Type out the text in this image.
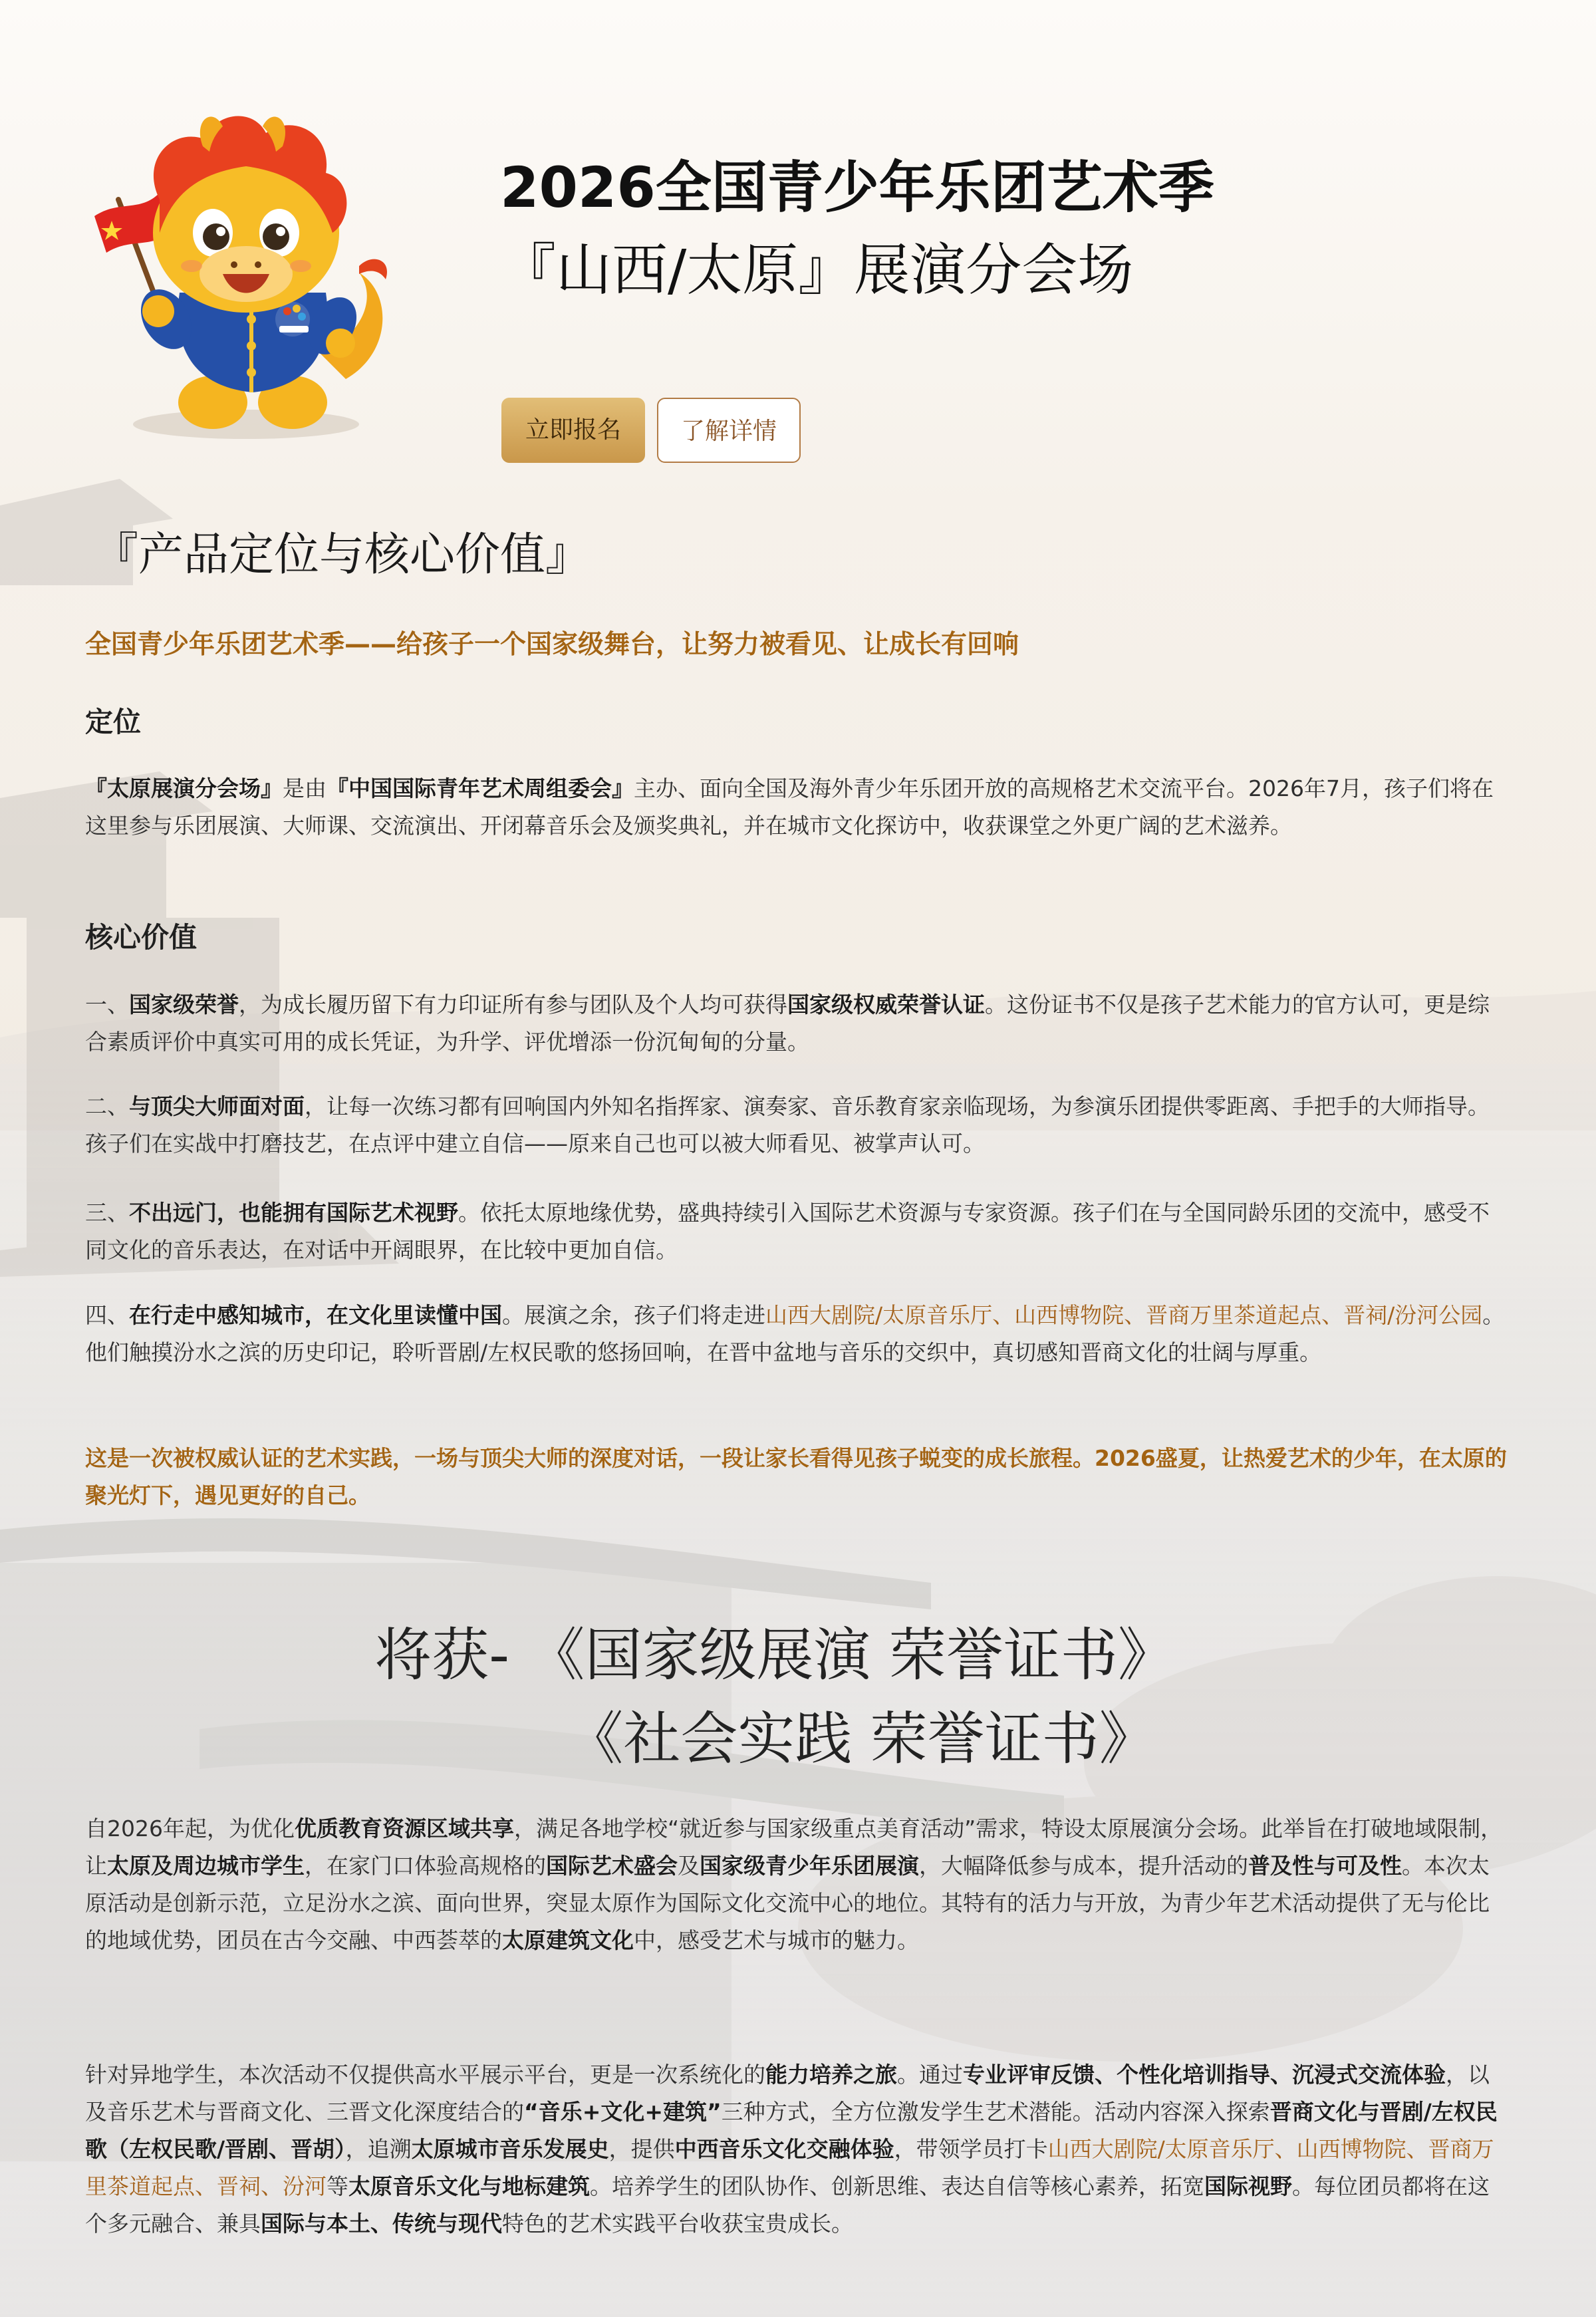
2026全国青少年乐团艺术季
『山西/太原』展演分会场
立即报名	了解详情
『产品定位与核心价值』

全国青少年乐团艺术季——给孩子一个国家级舞台，让努力被看见、让成长有回响

定位

『太原展演分会场』是由『中国国际青年艺术周组委会』主办、面向全国及海外青少年乐团开放的高规格艺术交流平台。2026年7月，孩子们将在这里参与乐团展演、大师课、交流演出、开闭幕音乐会及颁奖典礼，并在城市文化探访中，收获课堂之外更广阔的艺术滋养。

核心价值

一、国家级荣誉，为成长履历留下有力印证所有参与团队及个人均可获得国家级权威荣誉认证。这份证书不仅是孩子艺术能力的官方认可，更是综合素质评价中真实可用的成长凭证，为升学、评优增添一份沉甸甸的分量。

二、与顶尖大师面对面，让每一次练习都有回响国内外知名指挥家、演奏家、音乐教育家亲临现场，为参演乐团提供零距离、手把手的大师指导。孩子们在实战中打磨技艺，在点评中建立自信——原来自己也可以被大师看见、被掌声认可。

三、不出远门，也能拥有国际艺术视野。依托太原地缘优势，盛典持续引入国际艺术资源与专家资源。孩子们在与全国同龄乐团的交流中，感受不同文化的音乐表达，在对话中开阔眼界，在比较中更加自信。

四、在行走中感知城市，在文化里读懂中国。展演之余，孩子们将走进山西大剧院/太原音乐厅、山西博物院、晋商万里茶道起点、晋祠/汾河公园。他们触摸汾水之滨的历史印记，聆听晋剧/左权民歌的悠扬回响，在晋中盆地与音乐的交织中，真切感知晋商文化的壮阔与厚重。

这是一次被权威认证的艺术实践，一场与顶尖大师的深度对话，一段让家长看得见孩子蜕变的成长旅程。2026盛夏，让热爱艺术的少年，在太原的聚光灯下，遇见更好的自己。

将获- 《国家级展演 荣誉证书》
《社会实践 荣誉证书》

自2026年起，为优化优质教育资源区域共享，满足各地学校“就近参与国家级重点美育活动”需求，特设太原展演分会场。此举旨在打破地域限制，让太原及周边城市学生，在家门口体验高规格的国际艺术盛会及国家级青少年乐团展演，大幅降低参与成本，提升活动的普及性与可及性。本次太原活动是创新示范，立足汾水之滨、面向世界，突显太原作为国际文化交流中心的地位。其特有的活力与开放，为青少年艺术活动提供了无与伦比的地域优势，团员在古今交融、中西荟萃的太原建筑文化中，感受艺术与城市的魅力。

针对异地学生，本次活动不仅提供高水平展示平台，更是一次系统化的能力培养之旅。通过专业评审反馈、个性化培训指导、沉浸式交流体验，以及音乐艺术与晋商文化、三晋文化深度结合的“音乐+文化+建筑”三种方式，全方位激发学生艺术潜能。活动内容深入探索晋商文化与晋剧/左权民歌（左权民歌/晋剧、晋胡），追溯太原城市音乐发展史，提供中西音乐文化交融体验，带领学员打卡山西大剧院/太原音乐厅、山西博物院、晋商万里茶道起点、晋祠、汾河等太原音乐文化与地标建筑。培养学生的团队协作、创新思维、表达自信等核心素养，拓宽国际视野。每位团员都将在这个多元融合、兼具国际与本土、传统与现代特色的艺术实践平台收获宝贵成长。
